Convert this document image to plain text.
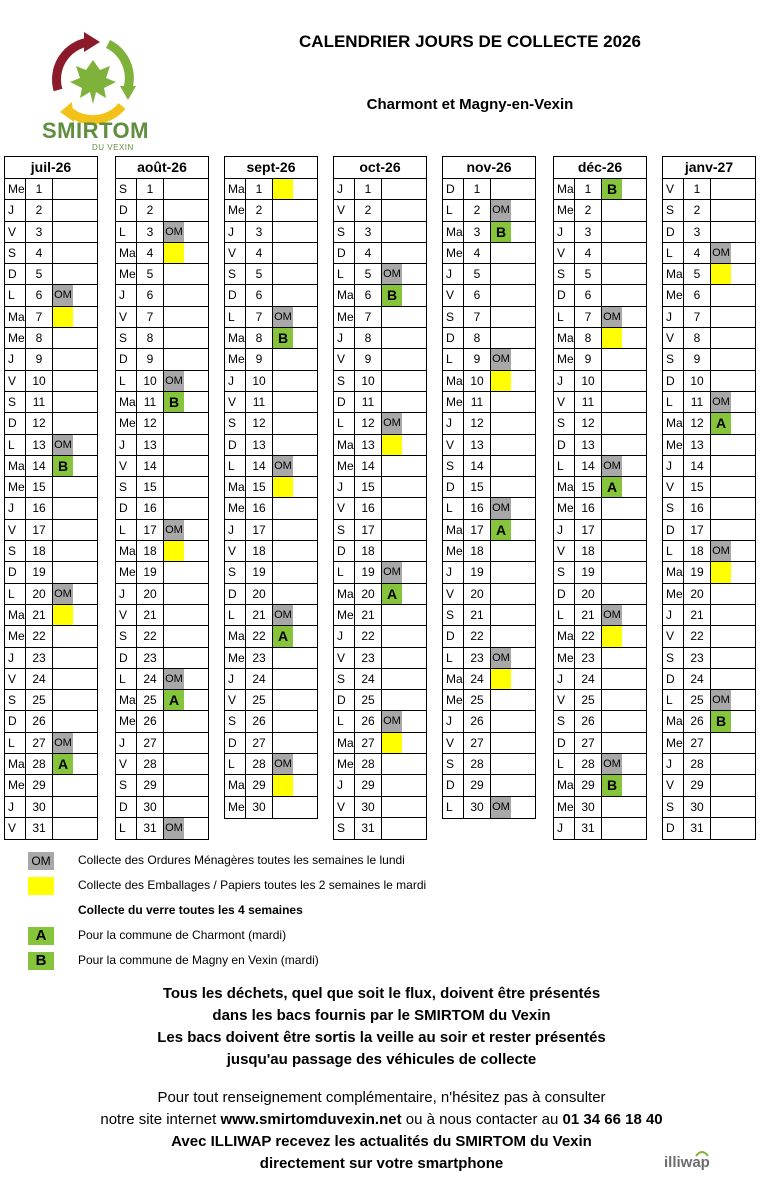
SMIRTOM
DU VEXIN
CALENDRIER JOURS DE COLLECTE 2026
Charmont et Magny-en-Vexin
juil-26
Me 1
J	2
V	3
S	4
D	5
L	6	OM
Ma 7
Me 8
J	9
V	10
S	11
D	12
L	13 OM
Ma 14 B
Me 15
J	16
V	17
S	18
D	19
L	20 OM
Ma 21
Me 22
J	23
V	24
S	25
D	26
L	27 OM
Ma 28 A
Me 29
J	30
V	31
août-26
S	1
D	2
L	3	OM
Ma 4
Me 5
J	6
V	7
S	8
D	9
L	10 OM
Ma 11 B
Me 12
J	13
V	14
S	15
D	16
L	17 OM
Ma 18
Me 19
J	20
V	21
S	22
D	23
L	24 OM
Ma 25 A
Me 26
J	27
V	28
S	29
D	30
L	31 OM
sept-26
Ma 1
Me 2
J	3
V	4
S	5
D	6
L	7	OM
Ma 8	B
Me 9
J	10
V	11
S	12
D	13
L	14 OM
Ma 15
Me 16
J	17
V	18
S	19
D	20
L	21 OM
Ma 22 A
Me 23
J	24
V	25
S	26
D	27
L	28 OM
Ma 29
Me 30
oct-26
J	1
V	2
S	3
D	4
L	5	OM
Ma 6	B
Me 7
J	8
V	9
S	10
D	11
L	12 OM
Ma 13
Me 14
J	15
V	16
S	17
D	18
L	19 OM
Ma 20 A
Me 21
J	22
V	23
S	24
D	25
L	26 OM
Ma 27
Me 28
J	29
V	30
S	31
nov-26
D	1
L	2	OM
Ma 3	B
Me 4
J	5
V	6
S	7
D	8
L	9	OM
Ma 10
Me 11
J	12
V	13
S	14
D	15
L	16 OM
Ma 17 A
Me 18
J	19
V	20
S	21
D	22
L	23 OM
Ma 24
Me 25
J	26
V	27
S	28
D	29
L	30 OM
déc-26
Ma 1	B
Me 2
J	3
V	4
S	5
D	6
L	7	OM
Ma 8
Me 9
J	10
V	11
S	12
D	13
L	14 OM
Ma 15 A
Me 16
J	17
V	18
S	19
D	20
L	21 OM
Ma 22
Me 23
J	24
V	25
S	26
D	27
L	28 OM
Ma 29 B
Me 30
J	31
janv-27
V	1
S	2
D	3
L	4	OM
Ma 5
Me 6
J	7
V	8
S	9
D	10
L	11 OM
Ma 12 A
Me 13
J	14
V	15
S	16
D	17
L	18 OM
Ma 19
Me 20
J	21
V	22
S	23
D	24
L	25 OM
Ma 26 B
Me 27
J	28
V	29
S	30
D	31
OM Collecte des Ordures Ménagères toutes les semaines le lundi
Collecte des Emballages / Papiers toutes les 2 semaines le mardi
Collecte du verre toutes les 4 semaines
A	Pour la commune de Charmont (mardi)
B	Pour la commune de Magny en Vexin (mardi)
Tous les déchets, quel que soit le flux, doivent être présentés
dans les bacs fournis par le SMIRTOM du Vexin
Les bacs doivent être sortis la veille au soir et rester présentés
jusqu'au passage des véhicules de collecte
Pour tout renseignement complémentaire, n'hésitez pas à consulter
notre site internet www.smirtomduvexin.net ou à nous contacter au 01 34 66 18 40
Avec ILLIWAP recevez les actualités du SMIRTOM du Vexin
directement sur votre smartphone	illiwap
